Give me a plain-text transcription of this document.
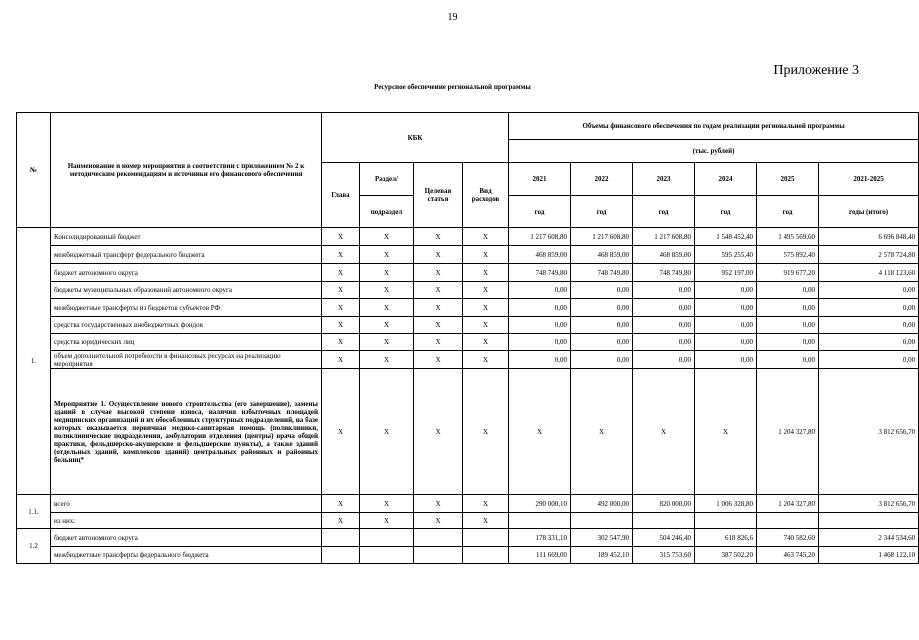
19
Приложение 3
Ресурсное обеспечение региональной программы
№	Наименование и номер мероприятия в соответствии с приложением № 2 к методическим рекомендациям и источники его финансового обеспечения	КБК				Объемы финансового обеспечения по годам реализации региональной программы					
						(тыс. рублей)					
		Глава	Раздел/	Целевая статья	Вид расходов	2021	2022	2023	2024	2025	2021-2025

			подраздел			год	год	год	год	год	годы (итого)

1.	Консолидированный бюджет	X	X	X	X	1 217 608,80	1 217 608,80	1 217 608,80	1 548 452,40	1 495 569,60	6 696 848,40
	межбюджетный трансферт федерального бюджета	X	X	X	X	468 859,00	468 859,00	468 859,00	595 255,40	575 892,40	2 578 724,80
	бюджет автономного округа	X	X	X	X	748 749,80	748 749,80	748 749,80	952 197,00	919 677,20	4 118 123,60
	бюджеты муниципальных образований автономного округа	X	X	X	X	0,00	0,00	0,00	0,00	0,00	0,00
	межбюджетные трансферты из бюджетов субъектов РФ	X	X	X	X	0,00	0,00	0,00	0,00	0,00	0,00
	средства государственных внебюджетных фондов	X	X	X	X	0,00	0,00	0,00	0,00	0,00	0,00
	средства юридических лиц	X	X	X	X	0,00	0,00	0,00	0,00	0,00	0,00
	объем дополнительной потребности в финансовых ресурсах на реализацию мероприятия	X	X	X	X	0,00	0,00	0,00	0,00	0,00	0,00
	Мероприятие 1. Осуществление нового строительства (его завершение), замены зданий в случае высокой степени износа, наличия избыточных площадей медицинских организаций и их обособленных структурных подразделений, на базе которых оказывается первичная медико-санитарная помощь (поликлиники, поликлинические подразделения, амбулатории отделения (центры) врача общей практики, фельдшерско-акушерские и фельдшерские пункты), а также зданий (отдельных зданий, комплексов зданий) центральных районных и районных больниц*	X	X	X	X	X	X	X	X	1 204 327,80	3 812 656,70
1.1.	всего	X	X	X	X	290 000,10	492 000,00	820 000,00	1 006 328,80	1 204 327,80	3 812 656,70
	из них:	X	X	X	X						
1.2	бюджет автономного округа					178 331,10	302 547,90	504 246,40	618 826,6	740 582,60	2 344 534,60
	межбюджетные трансферты федерального бюджета					111 669,00	189 452,10	315 753,60	387 502,20	463 745,20	1 468 122,10
